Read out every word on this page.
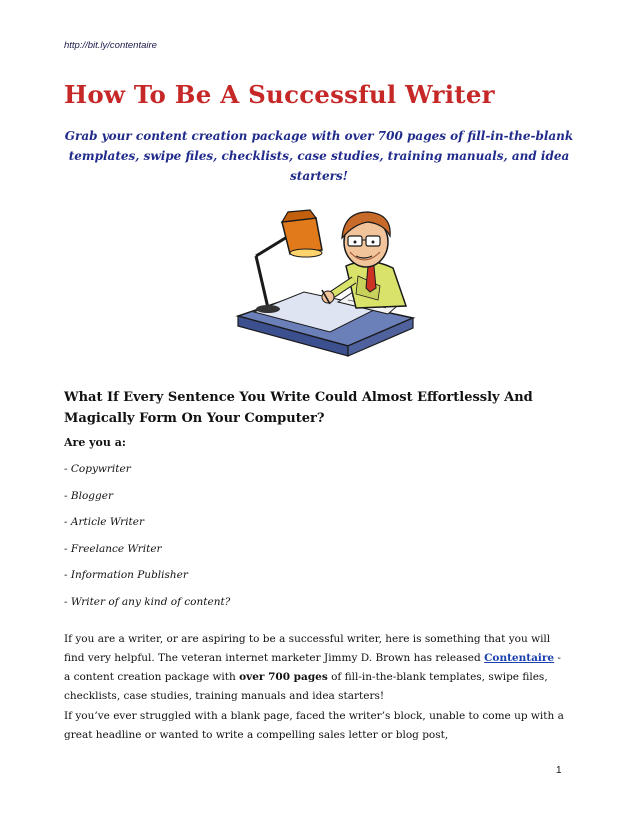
http://bit.ly/contentaire
How To Be A Successful Writer

Grab your content creation package with over 700 pages of fill-in-the-blank templates, swipe files, checklists, case studies, training manuals, and idea starters!

What If Every Sentence You Write Could Almost Effortlessly And Magically Form On Your Computer?

Are you a:

- Copywriter
- Blogger
- Article Writer
- Freelance Writer
- Information Publisher
- Writer of any kind of content?

If you are a writer, or are aspiring to be a successful writer, here is something that you will find very helpful. The veteran internet marketer Jimmy D. Brown has released Contentaire - a content creation package with over 700 pages of fill-in-the-blank templates, swipe files, checklists, case studies, training manuals and idea starters!

If you’ve ever struggled with a blank page, faced the writer’s block, unable to come up with a great headline or wanted to write a compelling sales letter or blog post,

1
